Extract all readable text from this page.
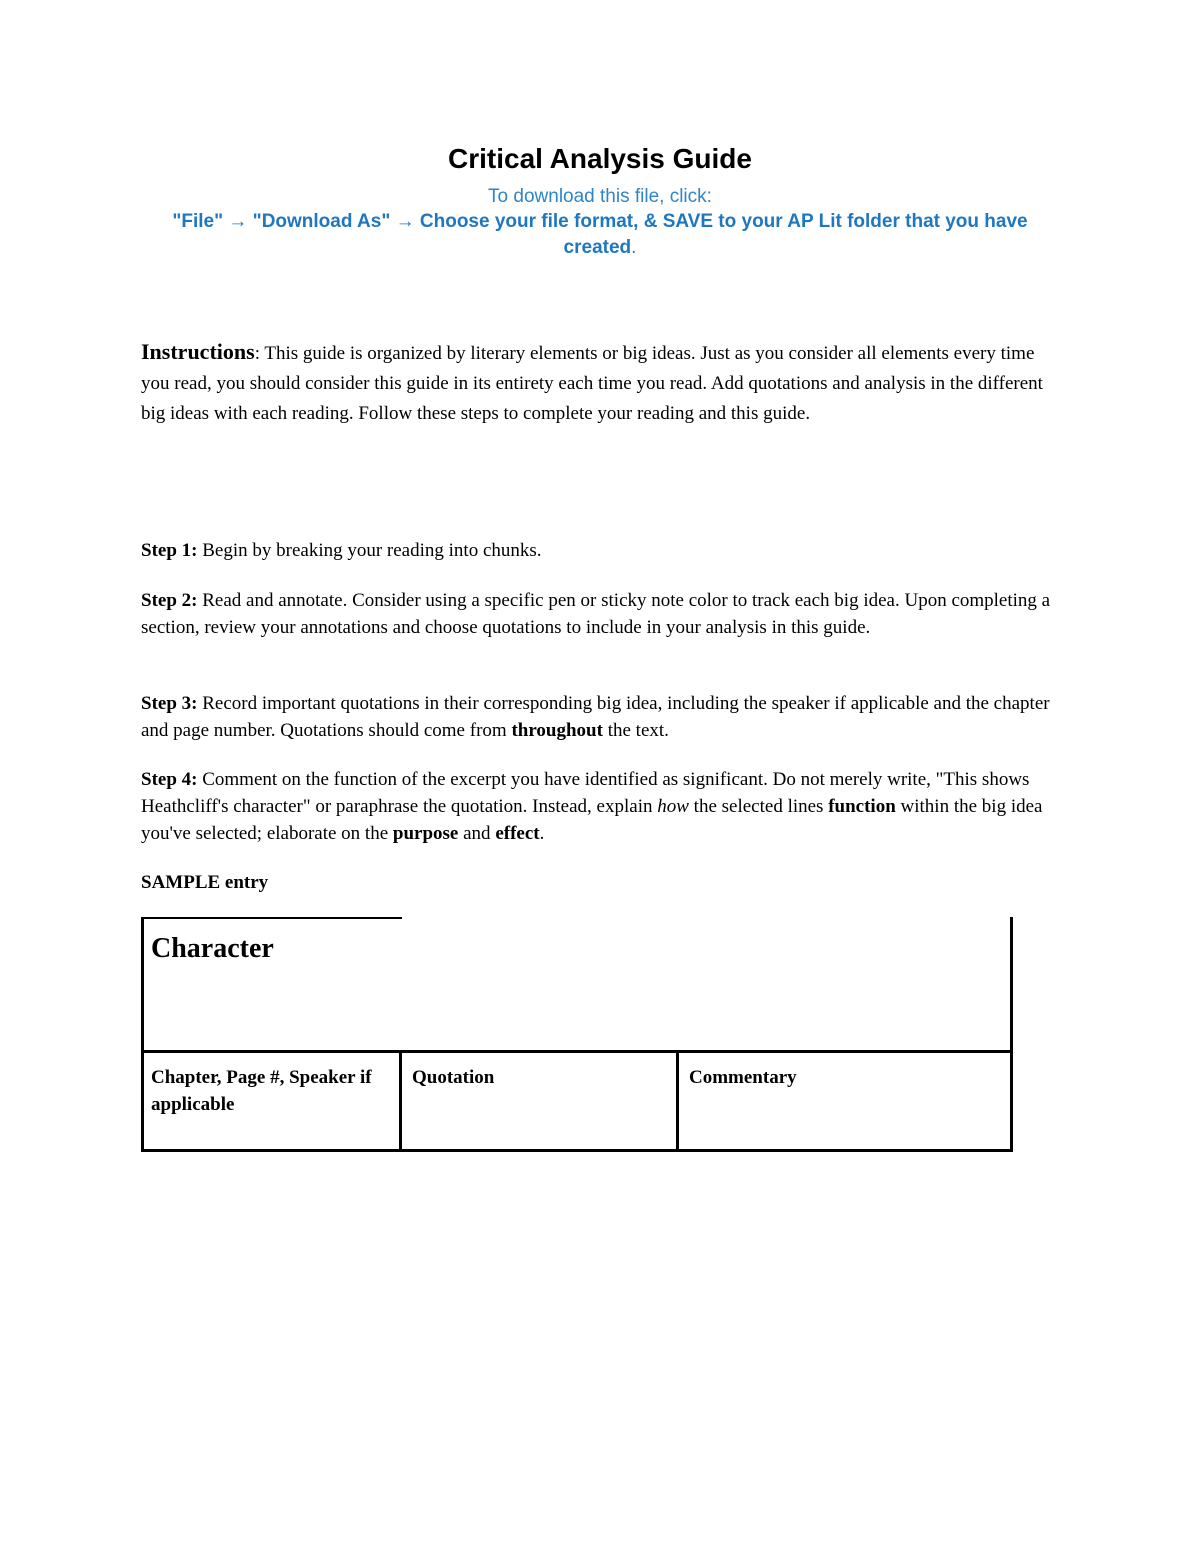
Critical Analysis Guide
To download this file, click:
"File" → "Download As" → Choose your file format, & SAVE to your AP Lit folder that you have created.
Instructions: This guide is organized by literary elements or big ideas. Just as you consider all elements every time you read, you should consider this guide in its entirety each time you read. Add quotations and analysis in the different big ideas with each reading. Follow these steps to complete your reading and this guide.
Step 1: Begin by breaking your reading into chunks.
Step 2: Read and annotate. Consider using a specific pen or sticky note color to track each big idea. Upon completing a section, review your annotations and choose quotations to include in your analysis in this guide.
Step 3: Record important quotations in their corresponding big idea, including the speaker if applicable and the chapter and page number. Quotations should come from throughout the text.
Step 4: Comment on the function of the excerpt you have identified as significant. Do not merely write, "This shows Heathcliff's character" or paraphrase the quotation. Instead, explain how the selected lines function within the big idea you've selected; elaborate on the purpose and effect.
SAMPLE entry
Character
Chapter, Page #, Speaker if applicable
Quotation	Commentary
